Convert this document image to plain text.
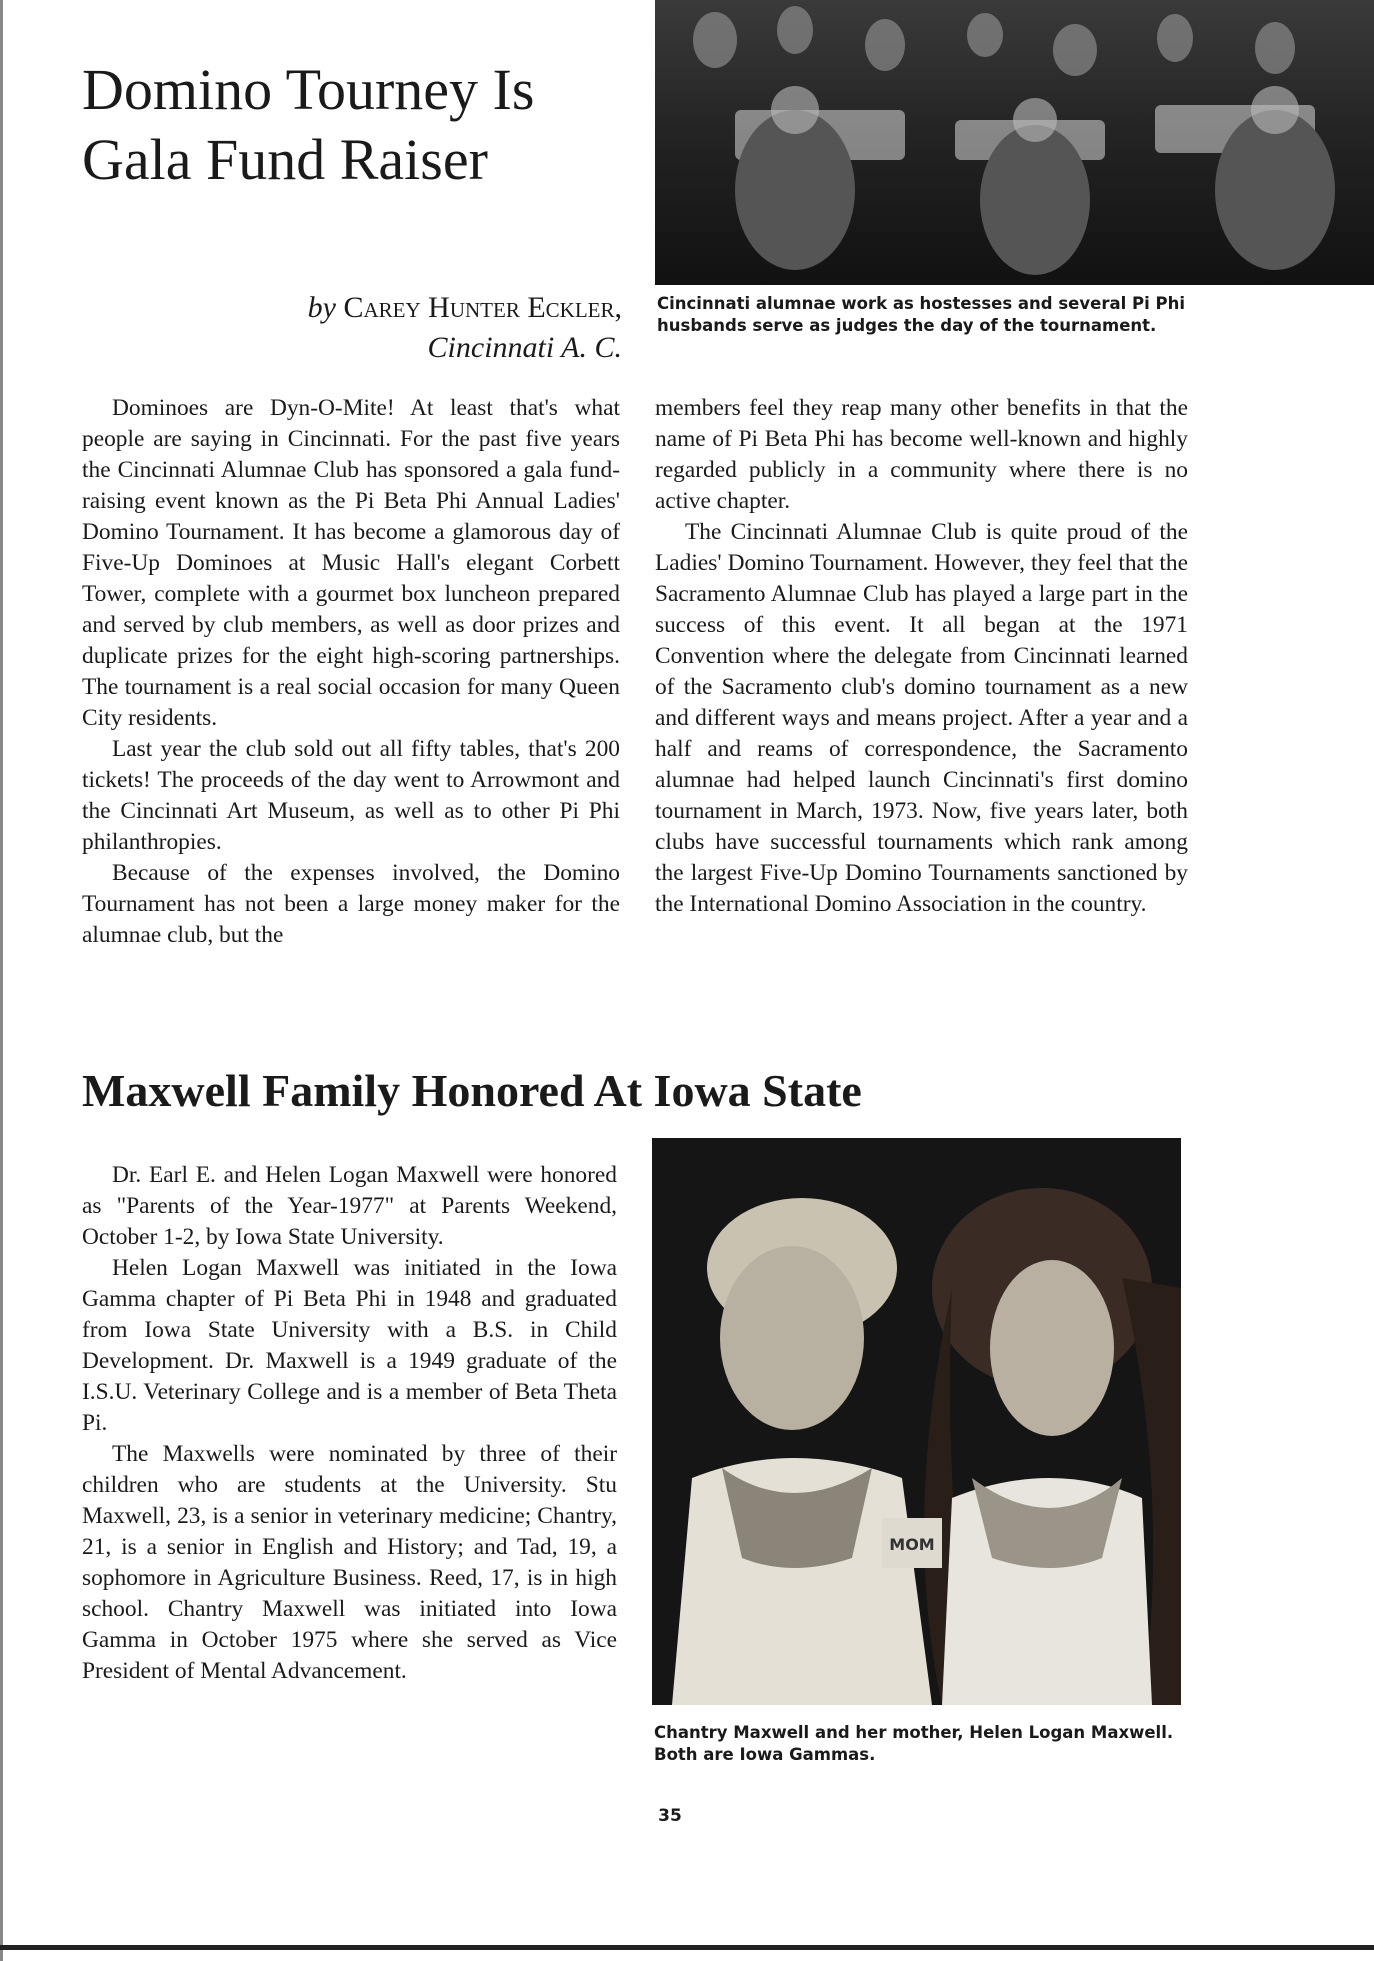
Domino Tourney Is Gala Fund Raiser
by Carey Hunter Eckler,
Cincinnati A. C.
Cincinnati alumnae work as hostesses and several Pi Phi husbands serve as judges the day of the tournament.

Dominoes are Dyn-O-Mite! At least that's what people are saying in Cincinnati. For the past five years the Cincinnati Alumnae Club has sponsored a gala fund-raising event known as the Pi Beta Phi Annual Ladies' Domino Tournament. It has become a glamorous day of Five-Up Dominoes at Music Hall's elegant Corbett Tower, complete with a gourmet box luncheon prepared and served by club members, as well as door prizes and duplicate prizes for the eight high-scoring partnerships. The tournament is a real social occasion for many Queen City residents.

Last year the club sold out all fifty tables, that's 200 tickets! The proceeds of the day went to Arrowmont and the Cincinnati Art Museum, as well as to other Pi Phi philanthropies.

Because of the expenses involved, the Domino Tournament has not been a large money maker for the alumnae club, but the

members feel they reap many other benefits in that the name of Pi Beta Phi has become well-known and highly regarded publicly in a community where there is no active chapter.

The Cincinnati Alumnae Club is quite proud of the Ladies' Domino Tournament. However, they feel that the Sacramento Alumnae Club has played a large part in the success of this event. It all began at the 1971 Convention where the delegate from Cincinnati learned of the Sacramento club's domino tournament as a new and different ways and means project. After a year and a half and reams of correspondence, the Sacramento alumnae had helped launch Cincinnati's first domino tournament in March, 1973. Now, five years later, both clubs have successful tournaments which rank among the largest Five-Up Domino Tournaments sanctioned by the International Domino Association in the country.

Maxwell Family Honored At Iowa State

Dr. Earl E. and Helen Logan Maxwell were honored as "Parents of the Year-1977" at Parents Weekend, October 1-2, by Iowa State University.

Helen Logan Maxwell was initiated in the Iowa Gamma chapter of Pi Beta Phi in 1948 and graduated from Iowa State University with a B.S. in Child Development. Dr. Maxwell is a 1949 graduate of the I.S.U. Veterinary College and is a member of Beta Theta Pi.

The Maxwells were nominated by three of their children who are students at the University. Stu Maxwell, 23, is a senior in veterinary medicine; Chantry, 21, is a senior in English and History; and Tad, 19, a sophomore in Agriculture Business. Reed, 17, is in high school. Chantry Maxwell was initiated into Iowa Gamma in October 1975 where she served as Vice President of Mental Advancement.

MOM
Chantry Maxwell and her mother, Helen Logan Maxwell. Both are Iowa Gammas.
35
